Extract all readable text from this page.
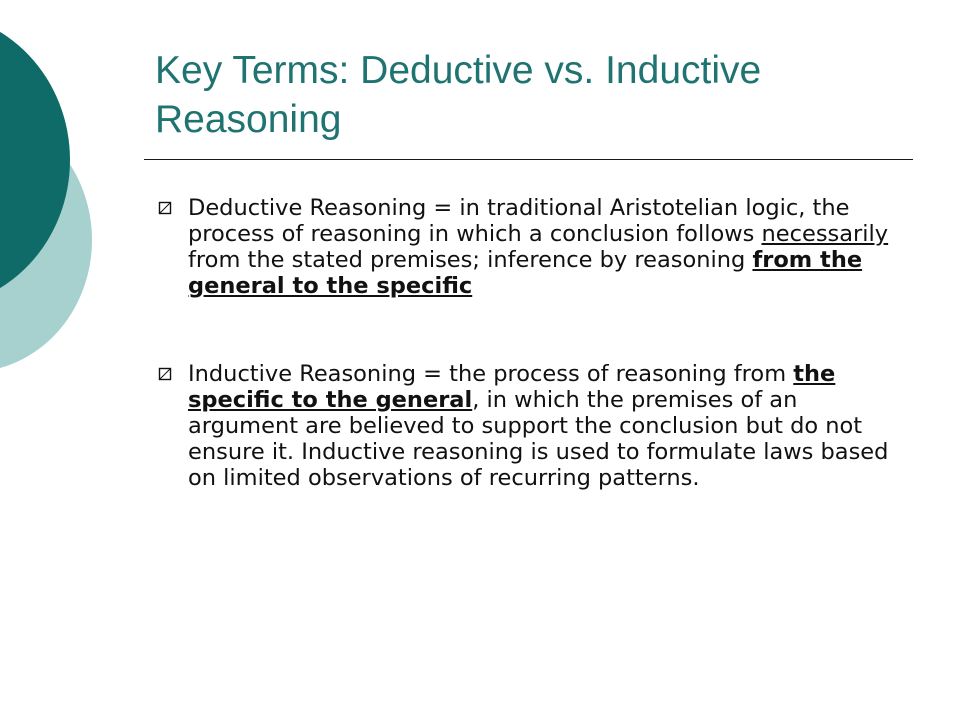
Key Terms: Deductive vs. Inductive Reasoning
Deductive Reasoning = in traditional Aristotelian logic, the process of reasoning in which a conclusion follows necessarily from the stated premises; inference by reasoning from the general to the specific
Inductive Reasoning = the process of reasoning from the specific to the general, in which the premises of an argument are believed to support the conclusion but do not ensure it. Inductive reasoning is used to formulate laws based on limited observations of recurring patterns.
